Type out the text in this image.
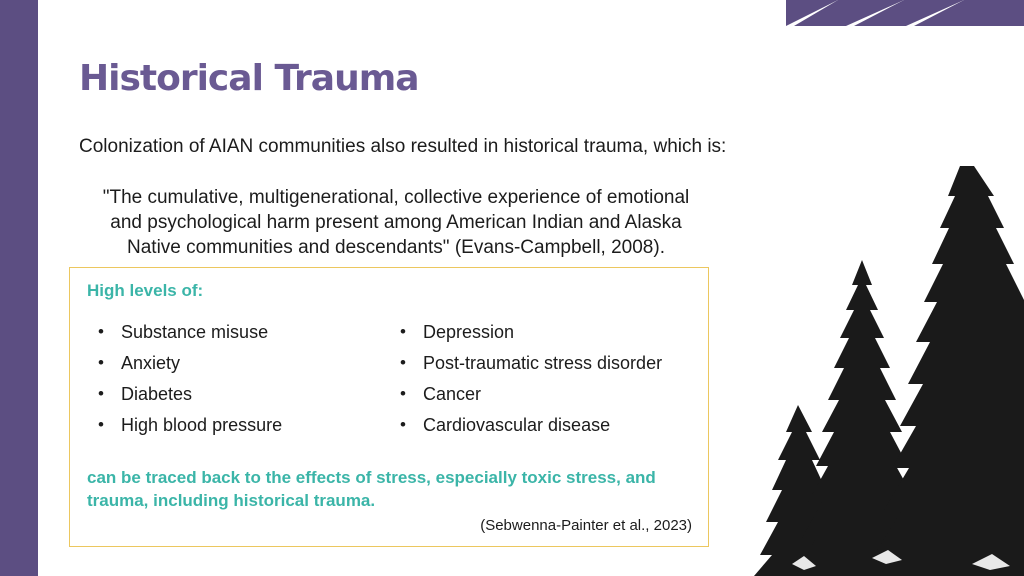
Historical Trauma
Colonization of AIAN communities also resulted in historical trauma, which is:
"The cumulative, multigenerational, collective experience of emotional and psychological harm present among American Indian and Alaska Native communities and descendants" (Evans-Campbell, 2008).
High levels of:
• Substance misuse
• Anxiety
• Diabetes
• High blood pressure
• Depression
• Post-traumatic stress disorder
• Cancer
• Cardiovascular disease
can be traced back to the effects of stress, especially toxic stress, and trauma, including historical trauma.
(Sebwenna-Painter et al., 2023)
